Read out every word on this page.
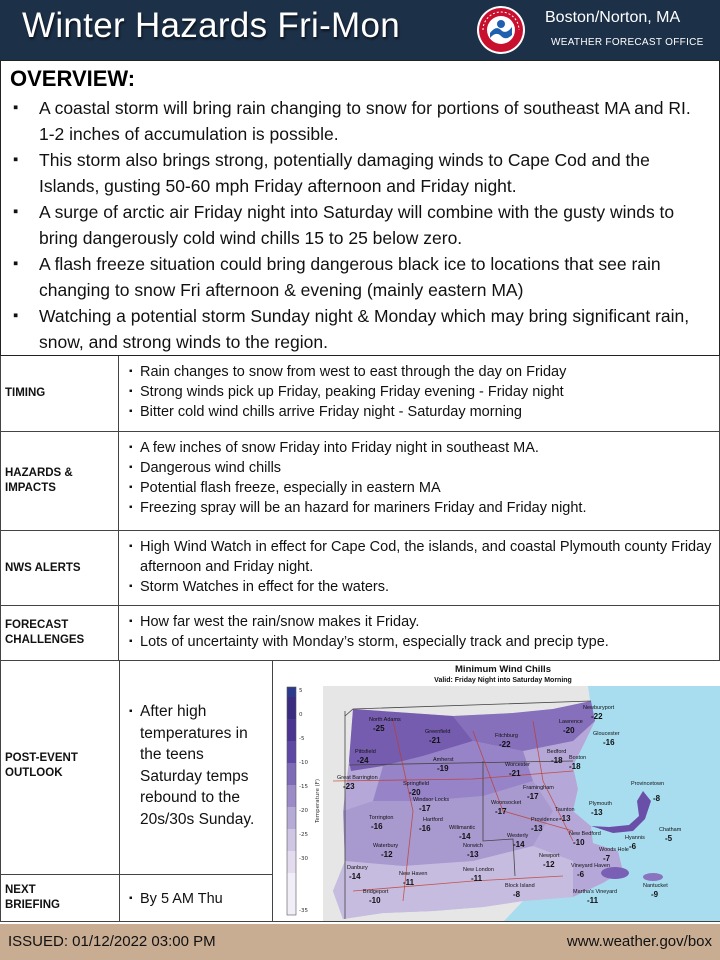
Winter Hazards Fri-Mon	Boston/Norton, MA
WEATHER FORECAST OFFICE
OVERVIEW:
▪ A coastal storm will bring rain changing to snow for portions of southeast MA and RI. 1-2 inches of accumulation is possible.
▪ This storm also brings strong, potentially damaging winds to Cape Cod and the Islands, gusting 50-60 mph Friday afternoon and Friday night.
▪ A surge of arctic air Friday night into Saturday will combine with the gusty winds to bring dangerously cold wind chills 15 to 25 below zero.
▪ A flash freeze situation could bring dangerous black ice to locations that see rain changing to snow Fri afternoon & evening (mainly eastern MA)
▪ Watching a potential storm Sunday night & Monday which may bring significant rain, snow, and strong winds to the region.
TIMING
▪ Rain changes to snow from west to east through the day on Friday
▪ Strong winds pick up Friday, peaking Friday evening - Friday night
▪ Bitter cold wind chills arrive Friday night - Saturday morning
HAZARDS &
IMPACTS
▪ A few inches of snow Friday into Friday night in southeast MA.
▪ Dangerous wind chills
▪ Potential flash freeze, especially in eastern MA
▪ Freezing spray will be an hazard for mariners Friday and Friday night.
NWS ALERTS
▪ High Wind Watch in effect for Cape Cod, the islands, and coastal Plymouth county Friday afternoon and Friday night.
▪ Storm Watches in effect for the waters.
FORECAST
CHALLENGES
▪ How far west the rain/snow makes it Friday.
▪ Lots of uncertainty with Monday’s storm, especially track and precip type.
POST-EVENT
OUTLOOK
▪ After high temperatures in the teens Saturday temps rebound to the 20s/30s Sunday.
NEXT
BRIEFING
▪	By 5 AM Thu
Minimum Wind Chills
Valid: Friday Night into Saturday Morning
5
0
-5
-10
-15
-20
-25
-30
-35
Temperature (F)
North Adams
-25	Greenfield
-21	Fitchburg
-22
Lawrence
-20
Newburyport
-22
Gloucester
-16
Pittsfield
-24	Amherst
-19	Worcester
-21
Bedford
-18 Boston
-18
Great Barrington
-23	Springfield
-20	Framingham
-17
Provincetown
-8
Windsor Locks
-17
Woonsocket
-17
Plymouth
-13
Torrington
-16
Hartford
-16	Willimantic
-14
Providence
-13
Taunton
-13
Hyannis
-6
Chatham
-5
Waterbury
-12
Norwich
-13
Westerly
-14
New Bedford
-10
Woods Hole
-7
Danbury
-14	New Haven
-11
New London
-11
Newport
-12	Vineyard Haven
-6
Nantucket
-9
Bridgeport
-10
Block Island
-8	Martha's Vineyard
-11
ISSUED: 01/12/2022 03:00 PM	www.weather.gov/box
